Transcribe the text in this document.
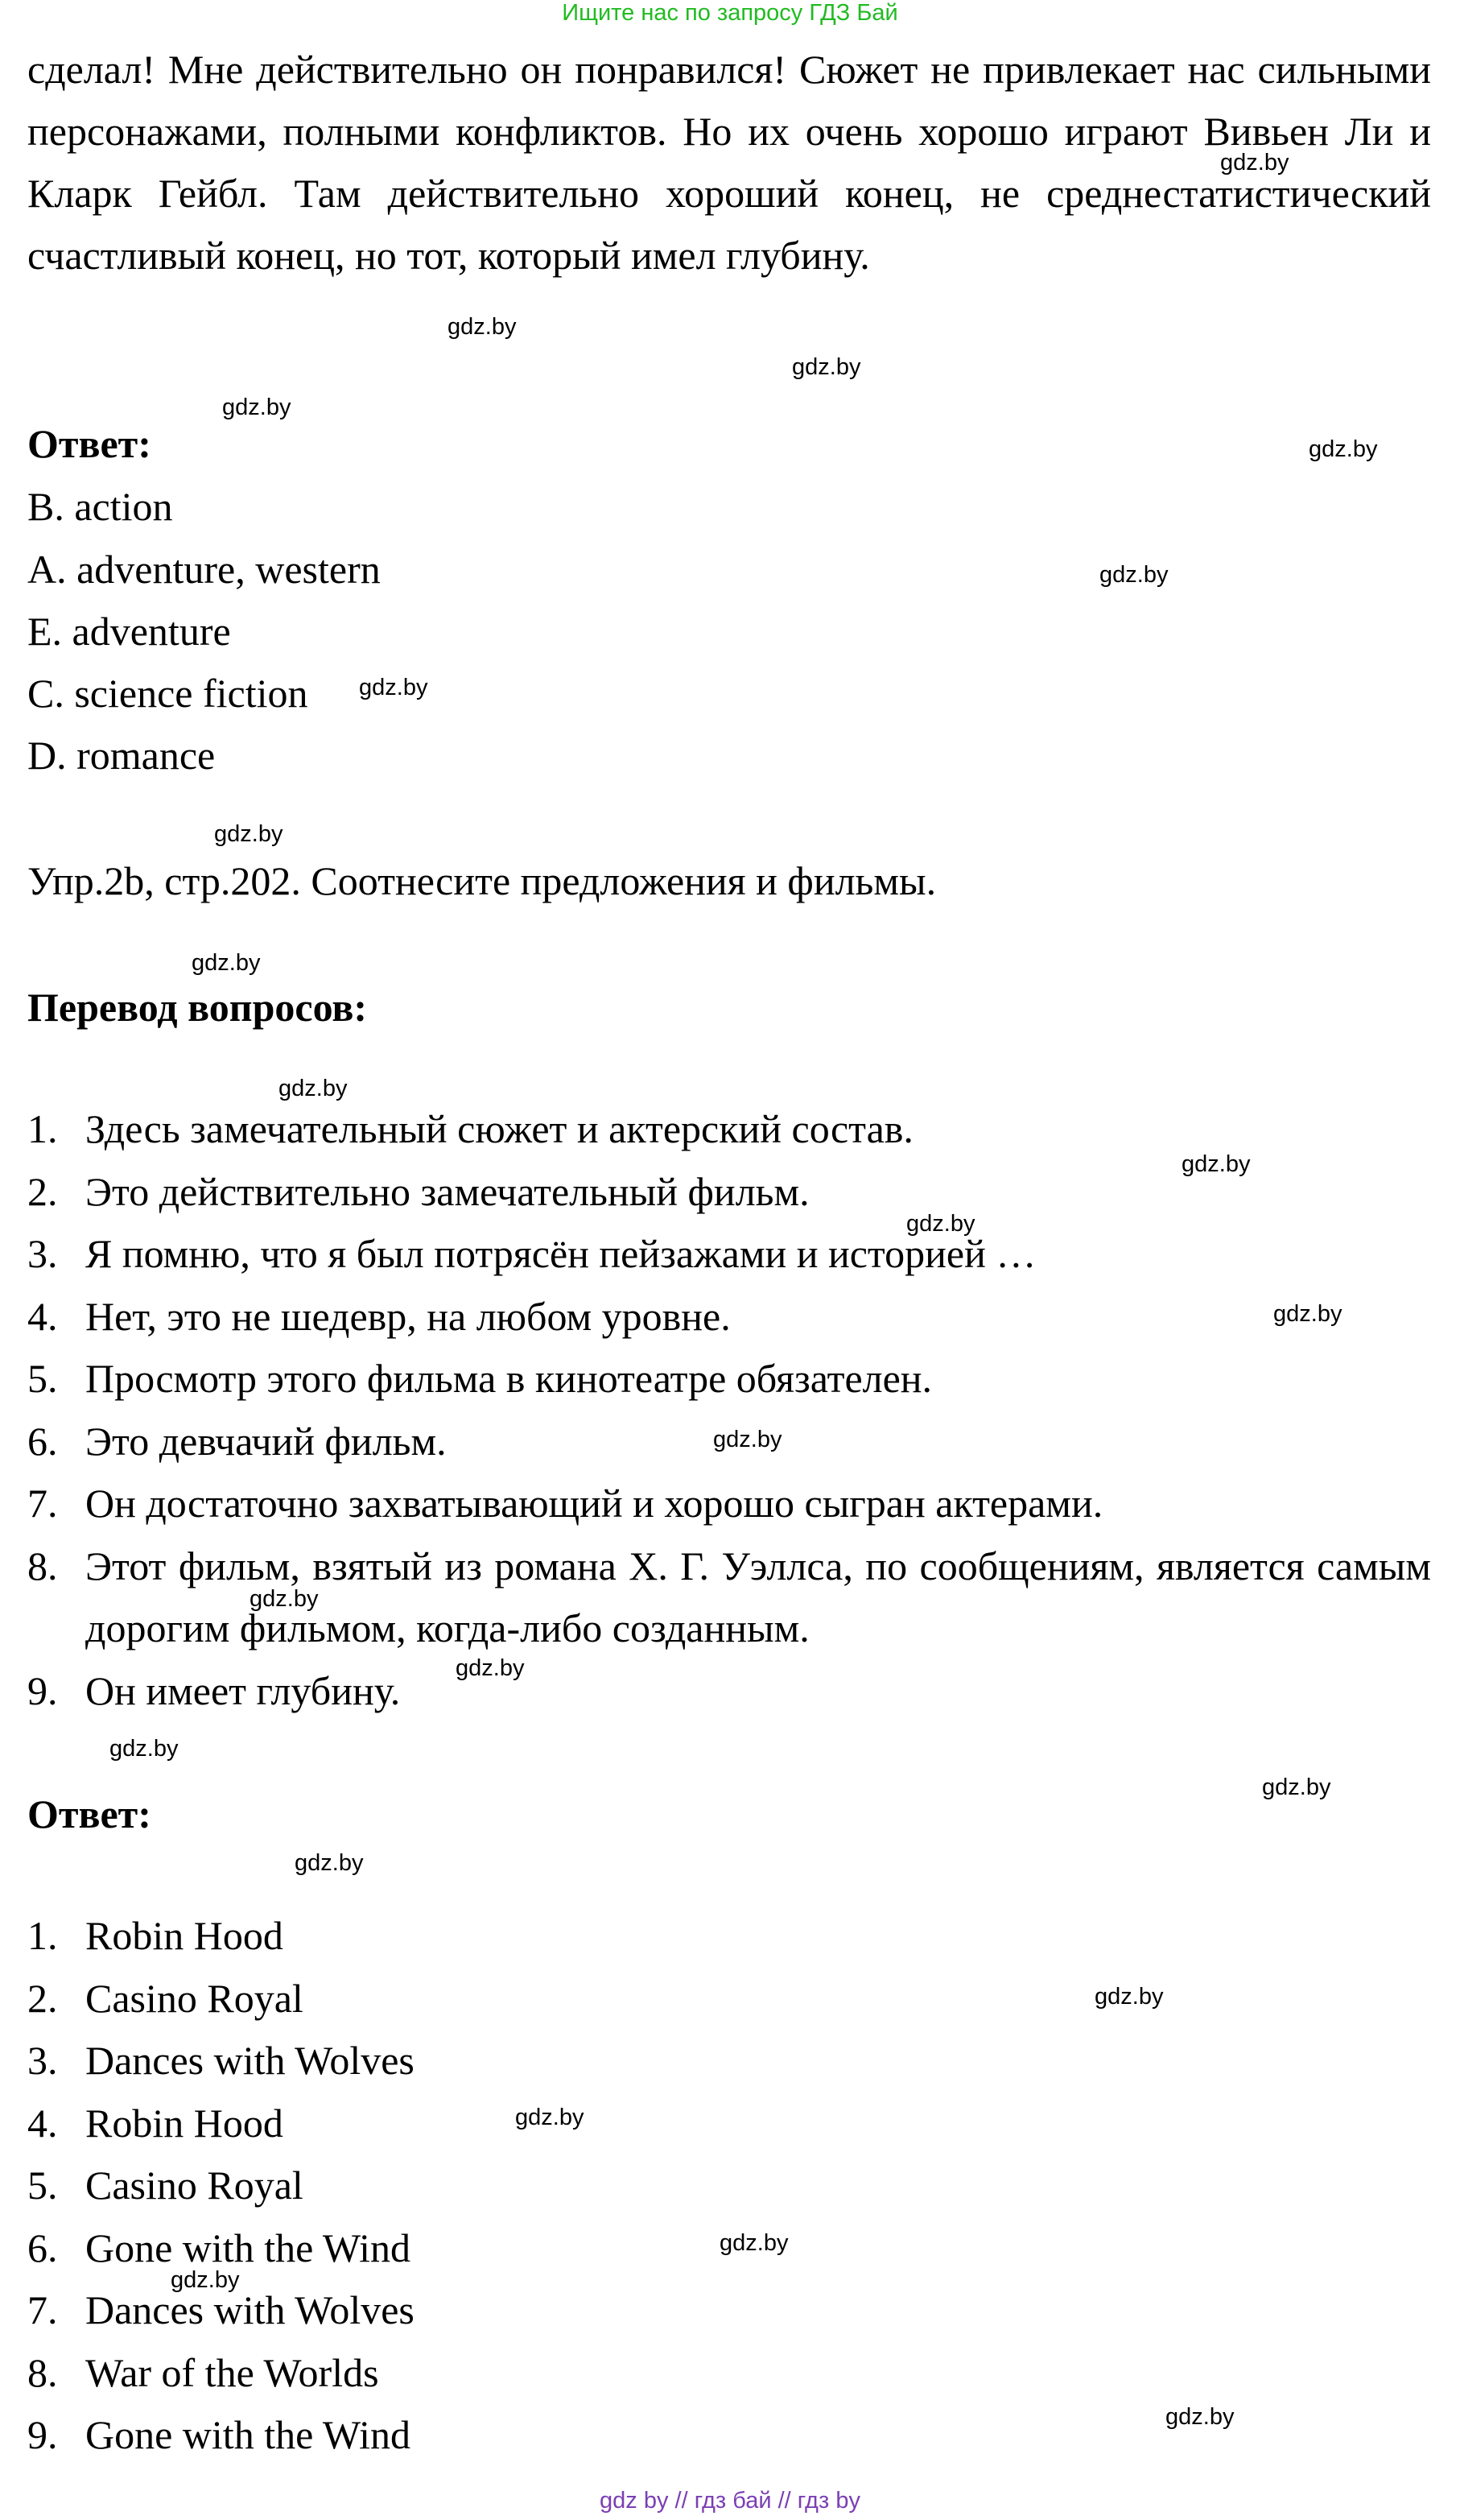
Ищите нас по запросу ГДЗ Бай

сделал! Мне действительно он понравился! Сюжет не привлекает нас сильными персонажами, полными конфликтов. Но их очень хорошо играют Вивьен Ли и Кларк Гейбл. Там действительно хороший конец, не среднестатистический счастливый конец, но тот, который имел глубину.

Ответ:
B. action
A. adventure, western
E. adventure
C. science fiction
D. romance
Упр.2b, стр.202. Соотнесите предложения и фильмы.
Перевод вопросов:
1. Здесь замечательный сюжет и актерский состав.
2. Это действительно замечательный фильм.
3. Я помню, что я был потрясён пейзажами и историей …
4. Нет, это не шедевр, на любом уровне.
5. Просмотр этого фильма в кинотеатре обязателен.
6. Это девчачий фильм.
7. Он достаточно захватывающий и хорошо сыгран актерами.
8. Этот фильм, взятый из романа Х. Г. Уэллса, по сообщениям, является самым дорогим фильмом, когда-либо созданным.
9. Он имеет глубину.
Ответ:
1. Robin Hood
2. Casino Royal
3. Dances with Wolves
4. Robin Hood
5. Casino Royal
6. Gone with the Wind
7. Dances with Wolves
8. War of the Worlds
9. Gone with the Wind
gdz.by
gdz.by
gdz.by
gdz.by
gdz.by
gdz.by
gdz.by
gdz.by
gdz.by
gdz.by
gdz.by
gdz.by
gdz.by
gdz.by
gdz.by
gdz.by
gdz.by
gdz.by
gdz.by
gdz.by
gdz.by
gdz.by
gdz.by
gdz.by
gdz by // гдз бай // гдз by
